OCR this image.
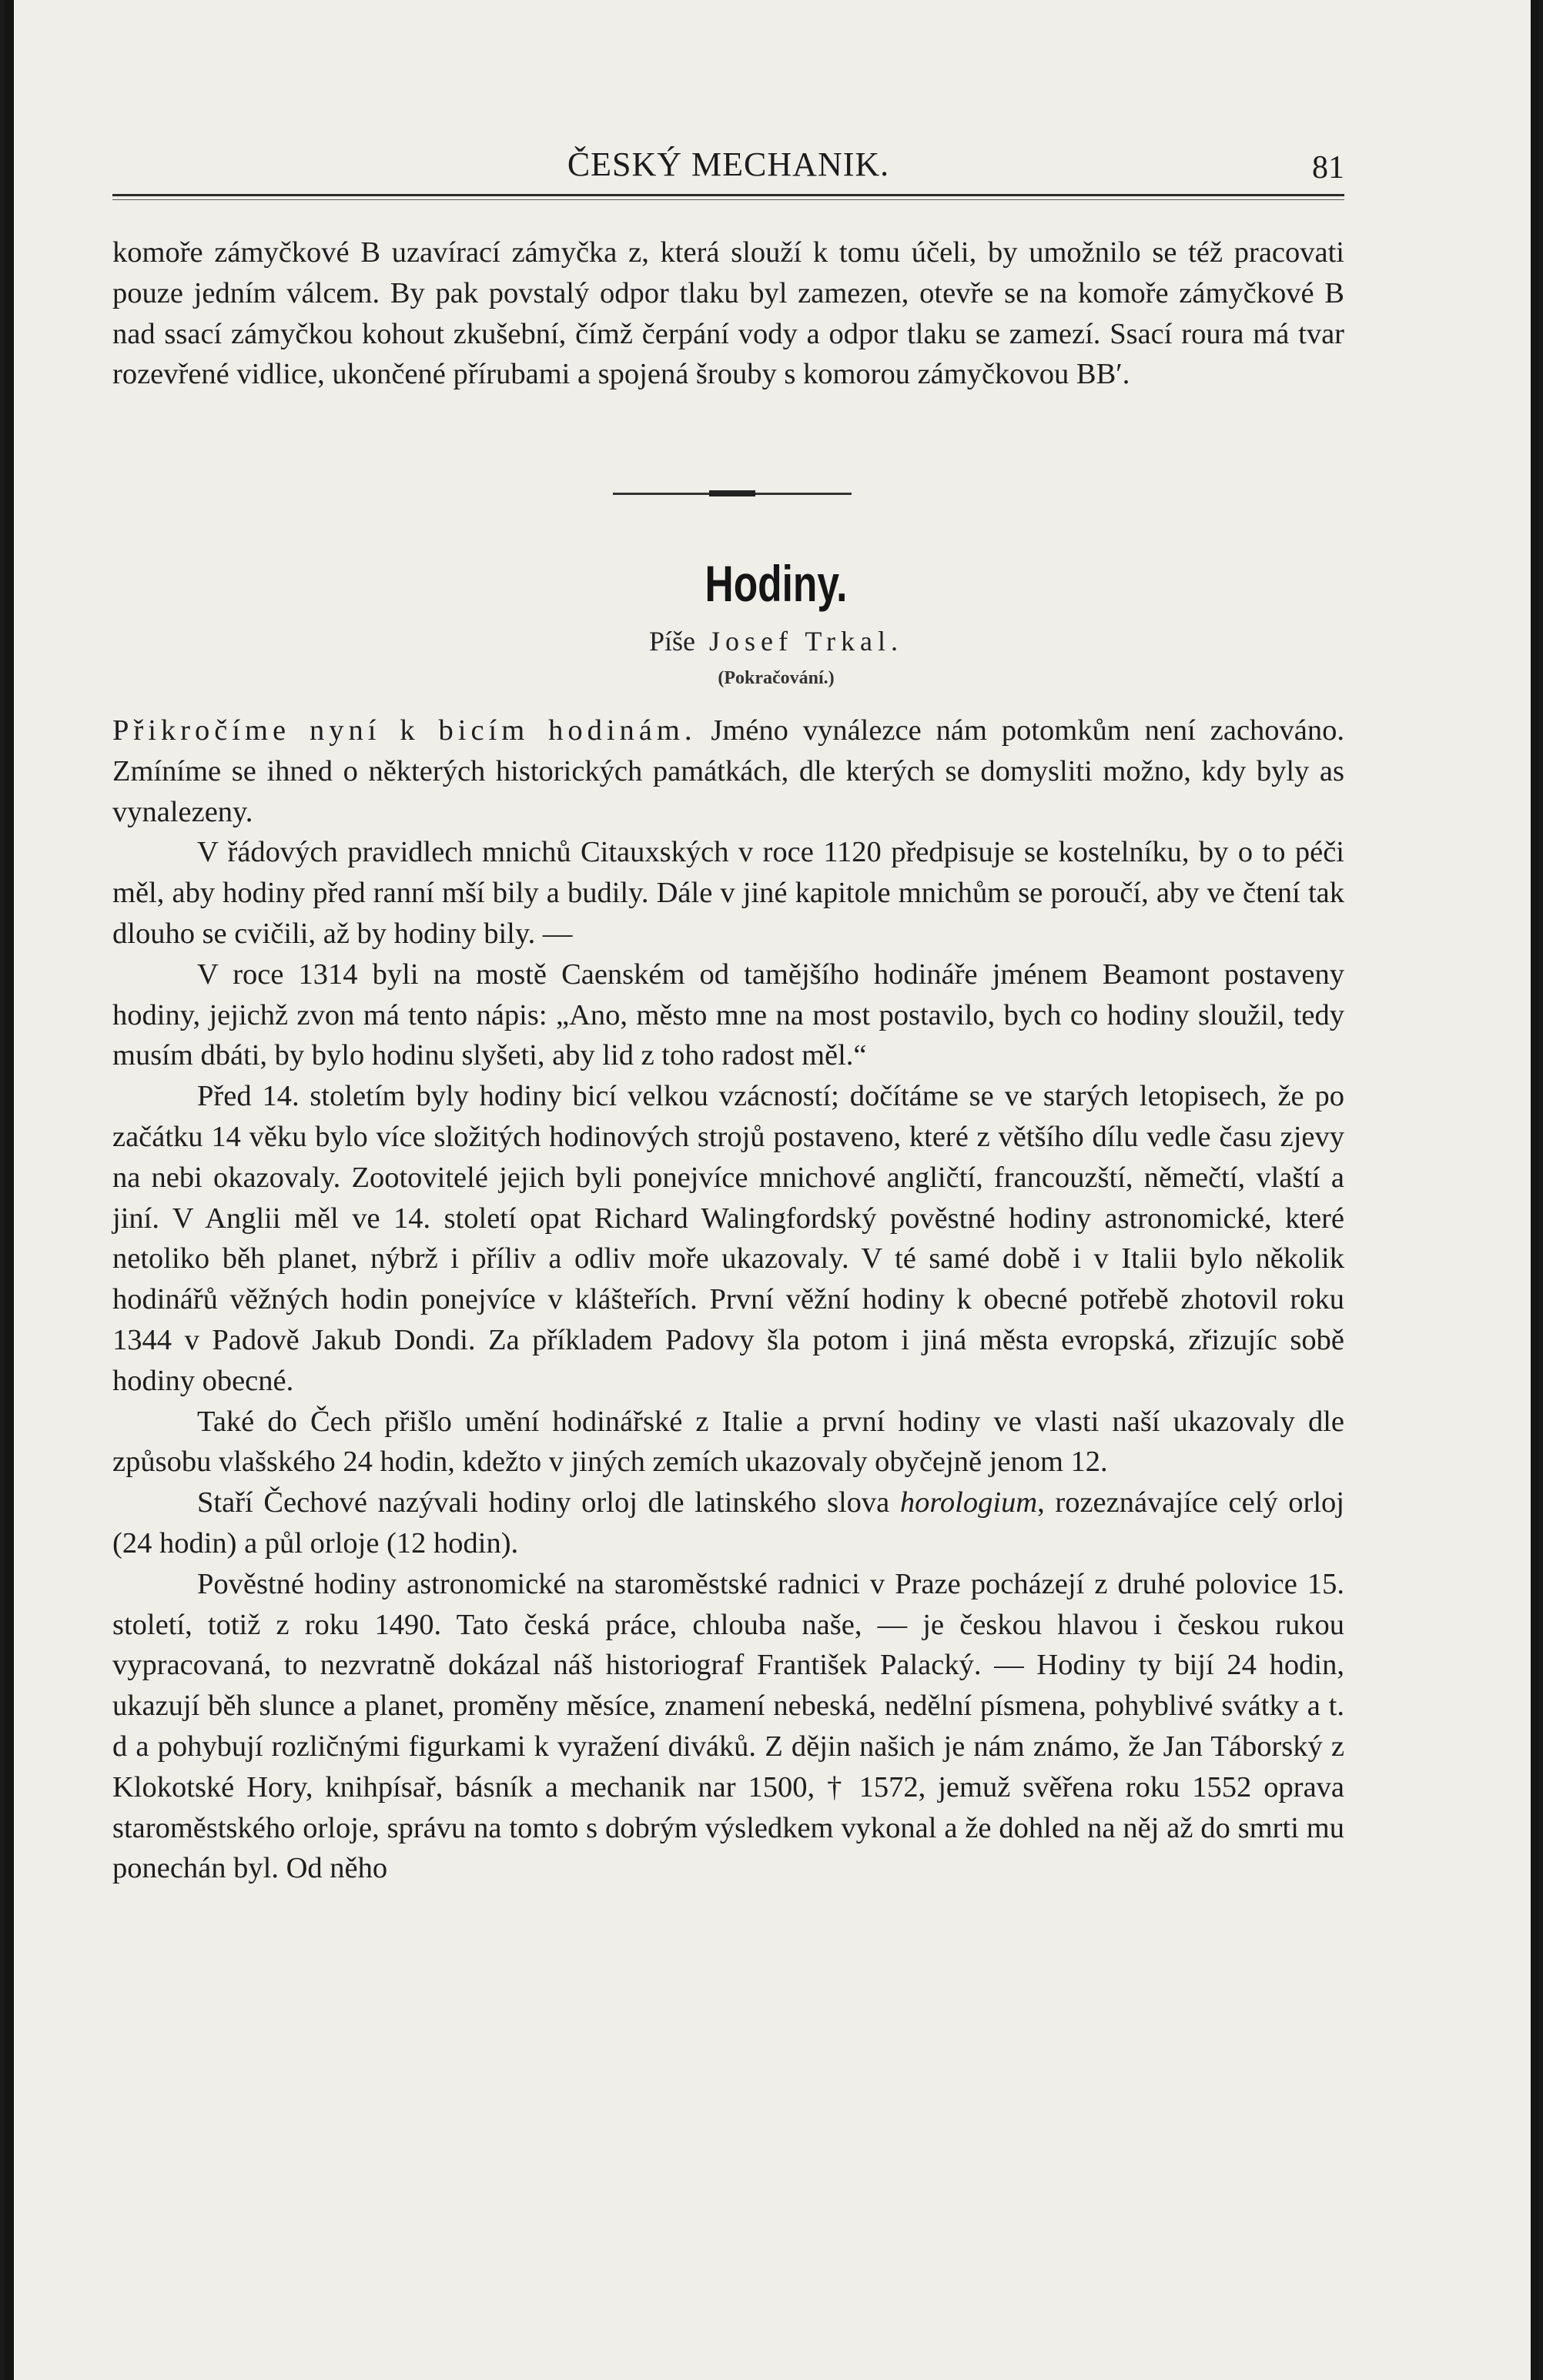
ČESKÝ MECHANIK.	81

komoře zámyčkové B uzavírací zámyčka z, která slouží k tomu účeli, by umožnilo se též pracovati pouze jedním válcem. By pak povstalý odpor tlaku byl zamezen, otevře se na komoře zámyčkové B nad ssací zámyčkou kohout zkušební, čímž čerpání vody a odpor tlaku se zamezí. Ssací roura má tvar rozevřené vidlice, ukončené přírubami a spojená šrouby s komorou zámyčkovou BB′.

Hodiny.
Píše Josef Trkal.
(Pokračování.)

Přikročíme nyní k bicím hodinám. Jméno vynálezce nám potomkům není zachováno. Zmíníme se ihned o některých historických památkách, dle kterých se domysliti možno, kdy byly as vynalezeny.

V řádových pravidlech mnichů Citauxských v roce 1120 předpisuje se kostelníku, by o to péči měl, aby hodiny před ranní mší bily a budily. Dále v jiné kapitole mnichům se poroučí, aby ve čtení tak dlouho se cvičili, až by hodiny bily. —

V roce 1314 byli na mostě Caenském od tamějšího hodináře jménem Beamont postaveny hodiny, jejichž zvon má tento nápis: „Ano, město mne na most postavilo, bych co hodiny sloužil, tedy musím dbáti, by bylo hodinu slyšeti, aby lid z toho radost měl.“

Před 14. stoletím byly hodiny bicí velkou vzácností; dočítáme se ve starých letopisech, že po začátku 14 věku bylo více složitých hodinových strojů postaveno, které z většího dílu vedle času zjevy na nebi okazovaly. Zootovitelé jejich byli ponejvíce mnichové angličtí, francouzští, němečtí, vlaští a jiní. V Anglii měl ve 14. století opat Richard Walingfordský pověstné hodiny astronomické, které netoliko běh planet, nýbrž i příliv a odliv moře ukazovaly. V té samé době i v Italii bylo několik hodinářů věžných hodin ponejvíce v klášteřích. První věžní hodiny k obecné potřebě zhotovil roku 1344 v Padově Jakub Dondi. Za příkladem Padovy šla potom i jiná města evropská, zřizujíc sobě hodiny obecné.

Také do Čech přišlo umění hodinářské z Italie a první hodiny ve vlasti naší ukazovaly dle způsobu vlašského 24 hodin, kdežto v jiných zemích ukazovaly obyčejně jenom 12.

Staří Čechové nazývali hodiny orloj dle latinského slova horologium, rozeznávajíce celý orloj (24 hodin) a půl orloje (12 hodin).

Pověstné hodiny astronomické na staroměstské radnici v Praze pocházejí z druhé polovice 15. století, totiž z roku 1490. Tato česká práce, chlouba naše, — je českou hlavou i českou rukou vypracovaná, to nezvratně dokázal náš historiograf František Palacký. — Hodiny ty bijí 24 hodin, ukazují běh slunce a planet, proměny měsíce, znamení nebeská, nedělní písmena, pohyblivé svátky a t. d a pohybují rozličnými figurkami k vyražení diváků. Z dějin našich je nám známo, že Jan Táborský z Klokotské Hory, knihpísař, básník a mechanik nar 1500, † 1572, jemuž svěřena roku 1552 oprava staroměstského orloje, správu na tomto s dobrým výsledkem vykonal a že dohled na něj až do smrti mu ponechán byl. Od něho
